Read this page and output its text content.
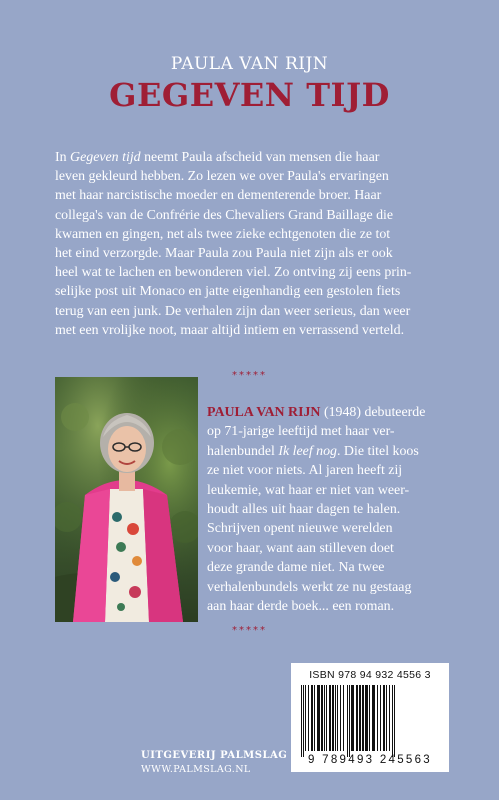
PAULA VAN RIJN
GEGEVEN TIJD
In Gegeven tijd neemt Paula afscheid van mensen die haar
leven gekleurd hebben. Zo lezen we over Paula's ervaringen
met haar narcistische moeder en dementerende broer. Haar
collega's van de Confrérie des Chevaliers Grand Baillage die
kwamen en gingen, net als twee zieke echtgenoten die ze tot
het eind verzorgde. Maar Paula zou Paula niet zijn als er ook
heel wat te lachen en bewonderen viel. Zo ontving zij eens prin-
selijke post uit Monaco en jatte eigenhandig een gestolen fiets
terug van een junk. De verhalen zijn dan weer serieus, dan weer
met een vrolijke noot, maar altijd intiem en verrassend verteld.
*****
PAULA VAN RIJN (1948) debuteerde
op 71-jarige leeftijd met haar ver-
halenbundel Ik leef nog. Die titel koos
ze niet voor niets. Al jaren heeft zij
leukemie, wat haar er niet van weer-
houdt alles uit haar dagen te halen.
Schrijven opent nieuwe werelden
voor haar, want aan stilleven doet
deze grande dame niet. Na twee
verhalenbundels werkt ze nu gestaag
aan haar derde boek... een roman.
*****
ISBN 978 94 932 4556 3
9 789493 245563
UITGEVERIJ PALMSLAG
WWW.PALMSLAG.NL
